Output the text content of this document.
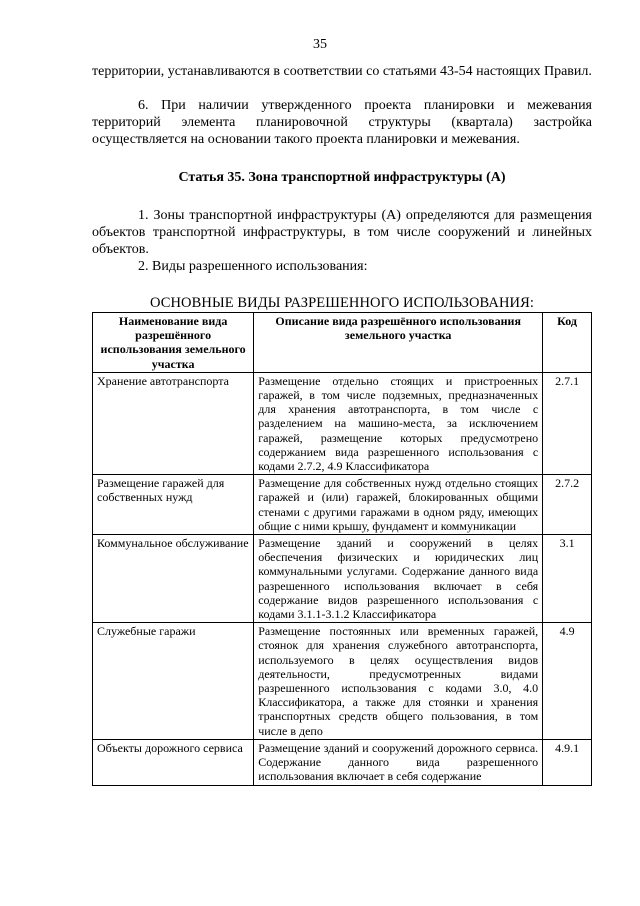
35
территории, устанавливаются в соответствии со статьями 43-54 настоящих Правил.
6. При наличии утвержденного проекта планировки и межевания территорий элемента планировочной структуры (квартала) застройка осуществляется на основании такого проекта планировки и межевания.
Статья 35. Зона транспортной инфраструктуры (А)
1. Зоны транспортной инфраструктуры (А) определяются для размещения объектов транспортной инфраструктуры, в том числе сооружений и линейных объектов.
2. Виды разрешенного использования:
ОСНОВНЫЕ ВИДЫ РАЗРЕШЕННОГО ИСПОЛЬЗОВАНИЯ:
Наименование вида разрешённого использования земельного участка	Описание вида разрешённого использования земельного участка	Код
Хранение автотранспорта	Размещение отдельно стоящих и пристроенных гаражей, в том числе подземных, предназначенных для хранения автотранспорта, в том числе с разделением на машино-места, за исключением гаражей, размещение которых предусмотрено содержанием вида разрешенного использования с кодами 2.7.2, 4.9 Классификатора	2.7.1
Размещение гаражей для собственных нужд	Размещение для собственных нужд отдельно стоящих гаражей и (или) гаражей, блокированных общими стенами с другими гаражами в одном ряду, имеющих общие с ними крышу, фундамент и коммуникации	2.7.2
Коммунальное обслуживание	Размещение зданий и сооружений в целях обеспечения физических и юридических лиц коммунальными услугами. Содержание данного вида разрешенного использования включает в себя содержание видов разрешенного использования с кодами 3.1.1-3.1.2 Классификатора	3.1
Служебные гаражи	Размещение постоянных или временных гаражей, стоянок для хранения служебного автотранспорта, используемого в целях осуществления видов деятельности, предусмотренных видами разрешенного использования с кодами 3.0, 4.0 Классификатора, а также для стоянки и хранения транспортных средств общего пользования, в том числе в депо	4.9
Объекты дорожного сервиса	Размещение зданий и сооружений дорожного сервиса. Содержание данного вида разрешенного использования включает в себя содержание	4.9.1
